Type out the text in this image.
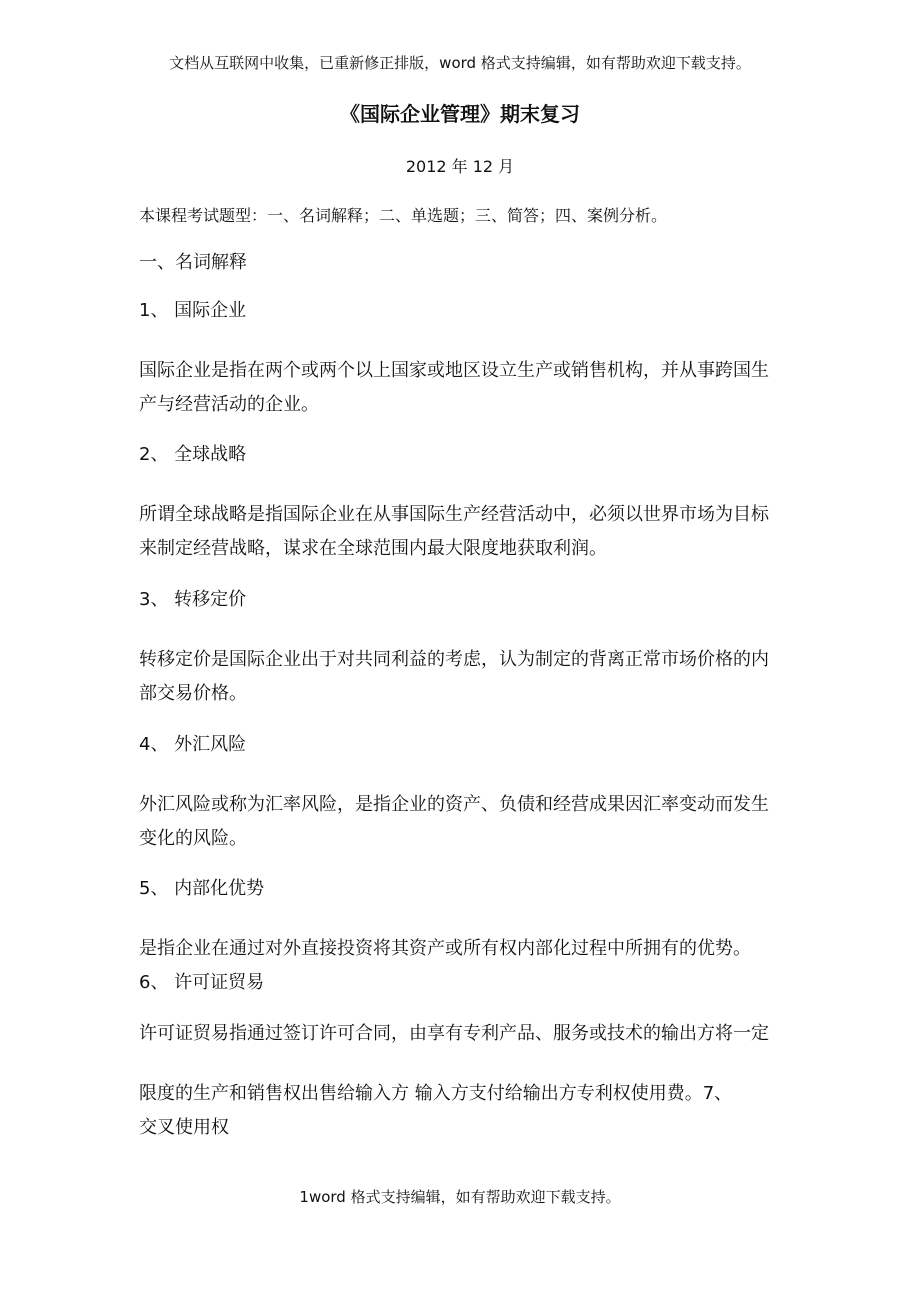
文档从互联网中收集，已重新修正排版，word 格式支持编辑，如有帮助欢迎下载支持。
《国际企业管理》期末复习
2012 年 12 月
本课程考试题型：一、名词解释；二、单选题；三、简答；四、案例分析。
一、名词解释
1、 国际企业
国际企业是指在两个或两个以上国家或地区设立生产或销售机构，并从事跨国生
产与经营活动的企业。
2、 全球战略
所谓全球战略是指国际企业在从事国际生产经营活动中，必须以世界市场为目标
来制定经营战略，谋求在全球范围内最大限度地获取利润。
3、 转移定价
转移定价是国际企业出于对共同利益的考虑，认为制定的背离正常市场价格的内
部交易价格。
4、 外汇风险
外汇风险或称为汇率风险，是指企业的资产、负债和经营成果因汇率变动而发生
变化的风险。
5、 内部化优势
是指企业在通过对外直接投资将其资产或所有权内部化过程中所拥有的优势。
6、 许可证贸易
许可证贸易指通过签订许可合同，由享有专利产品、服务或技术的输出方将一定
限度的生产和销售权出售给输入方 输入方支付给输出方专利权使用费。7、
交叉使用权
1word 格式支持编辑，如有帮助欢迎下载支持。
